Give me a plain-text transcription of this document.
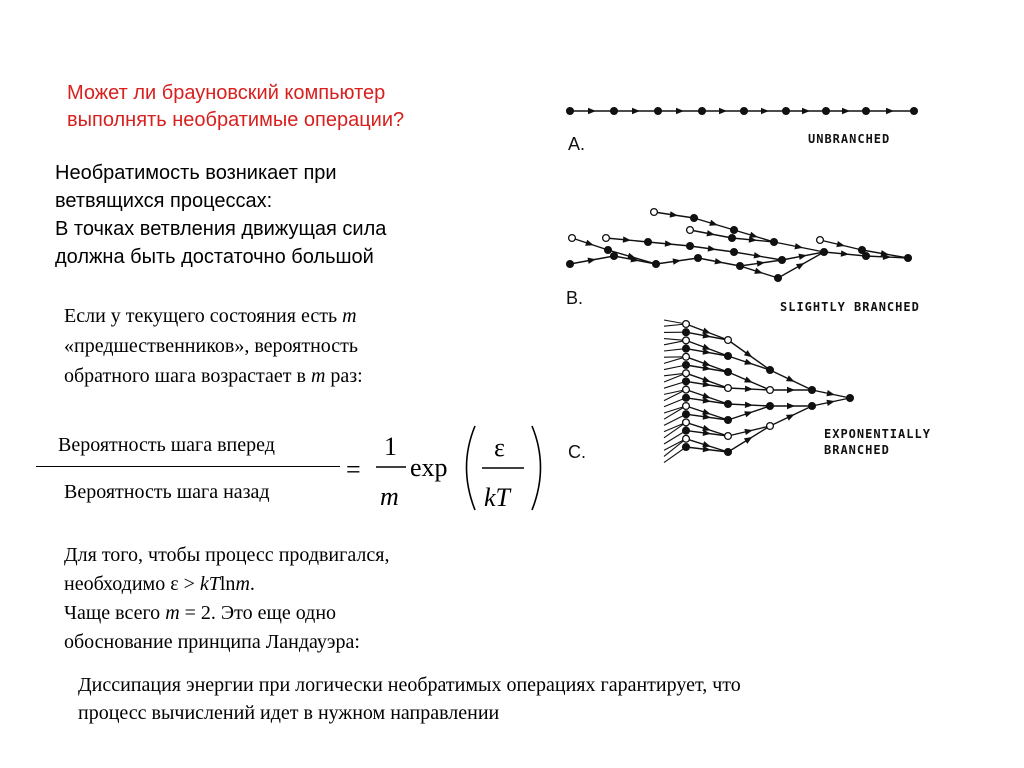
Может ли брауновский компьютер
выполнять необратимые операции?
Необратимость возникает при
ветвящихся процессах:
В точках ветвления движущая сила
должна быть достаточно большой
Если у текущего состояния есть m
«предшественников», вероятность
обратного шага возрастает в m раз:
Вероятность шага вперед
Вероятность шага назад
=
1
m
exp
ε
kT
Для того, чтобы процесс продвигался,
необходимо ε > kTlnm.
Чаще всего m = 2. Это еще одно
обоснование принципа Ландауэра:
Диссипация энергии при логически необратимых операциях гарантирует, что
процесс вычислений идет в нужном направлении
A.	UNBRANCHED
B.	SLIGHTLY BRANCHED
C.
EXPONENTIALLY
BRANCHED
